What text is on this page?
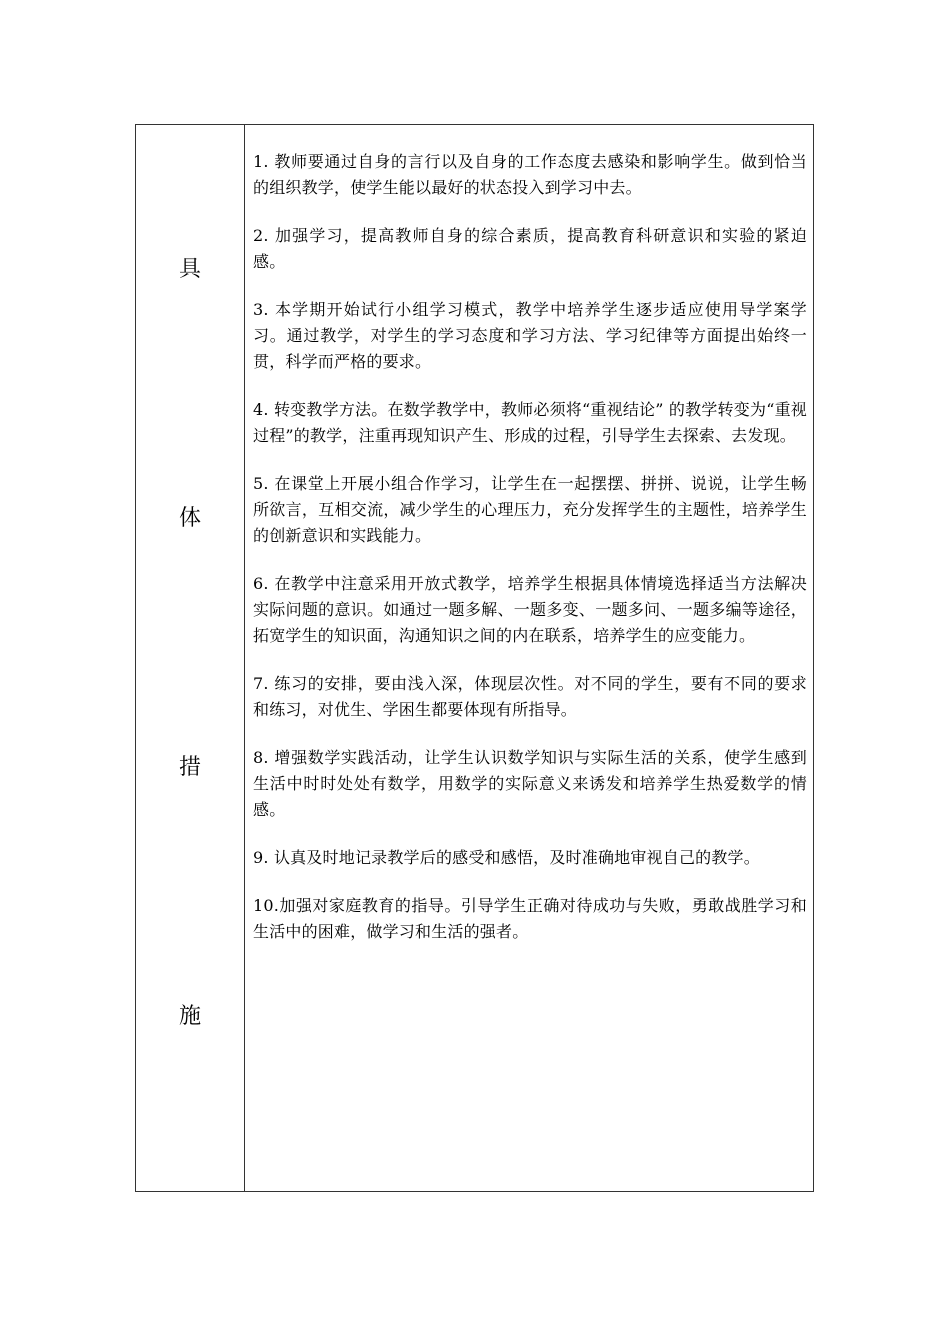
具
体
措
施

1. 教师要通过自身的言行以及自身的工作态度去感染和影响学生。做到恰当的组织教学，使学生能以最好的状态投入到学习中去。

2. 加强学习，提高教师自身的综合素质，提高教育科研意识和实验的紧迫感。

3. 本学期开始试行小组学习模式，教学中培养学生逐步适应使用导学案学习。通过教学，对学生的学习态度和学习方法、学习纪律等方面提出始终一贯，科学而严格的要求。

4. 转变教学方法。在数学教学中，教师必须将“重视结论” 的教学转变为“重视过程”的教学，注重再现知识产生、形成的过程，引导学生去探索、去发现。

5. 在课堂上开展小组合作学习，让学生在一起摆摆、拼拼、说说，让学生畅所欲言，互相交流，减少学生的心理压力，充分发挥学生的主题性，培养学生的创新意识和实践能力。

6. 在教学中注意采用开放式教学，培养学生根据具体情境选择适当方法解决实际问题的意识。如通过一题多解、一题多变、一题多问、一题多编等途径，拓宽学生的知识面，沟通知识之间的内在联系，培养学生的应变能力。

7. 练习的安排，要由浅入深，体现层次性。对不同的学生，要有不同的要求和练习，对优生、学困生都要体现有所指导。

8. 增强数学实践活动，让学生认识数学知识与实际生活的关系，使学生感到生活中时时处处有数学，用数学的实际意义来诱发和培养学生热爱数学的情感。

9. 认真及时地记录教学后的感受和感悟，及时准确地审视自己的教学。

10.加强对家庭教育的指导。引导学生正确对待成功与失败，勇敢战胜学习和生活中的困难，做学习和生活的强者。
